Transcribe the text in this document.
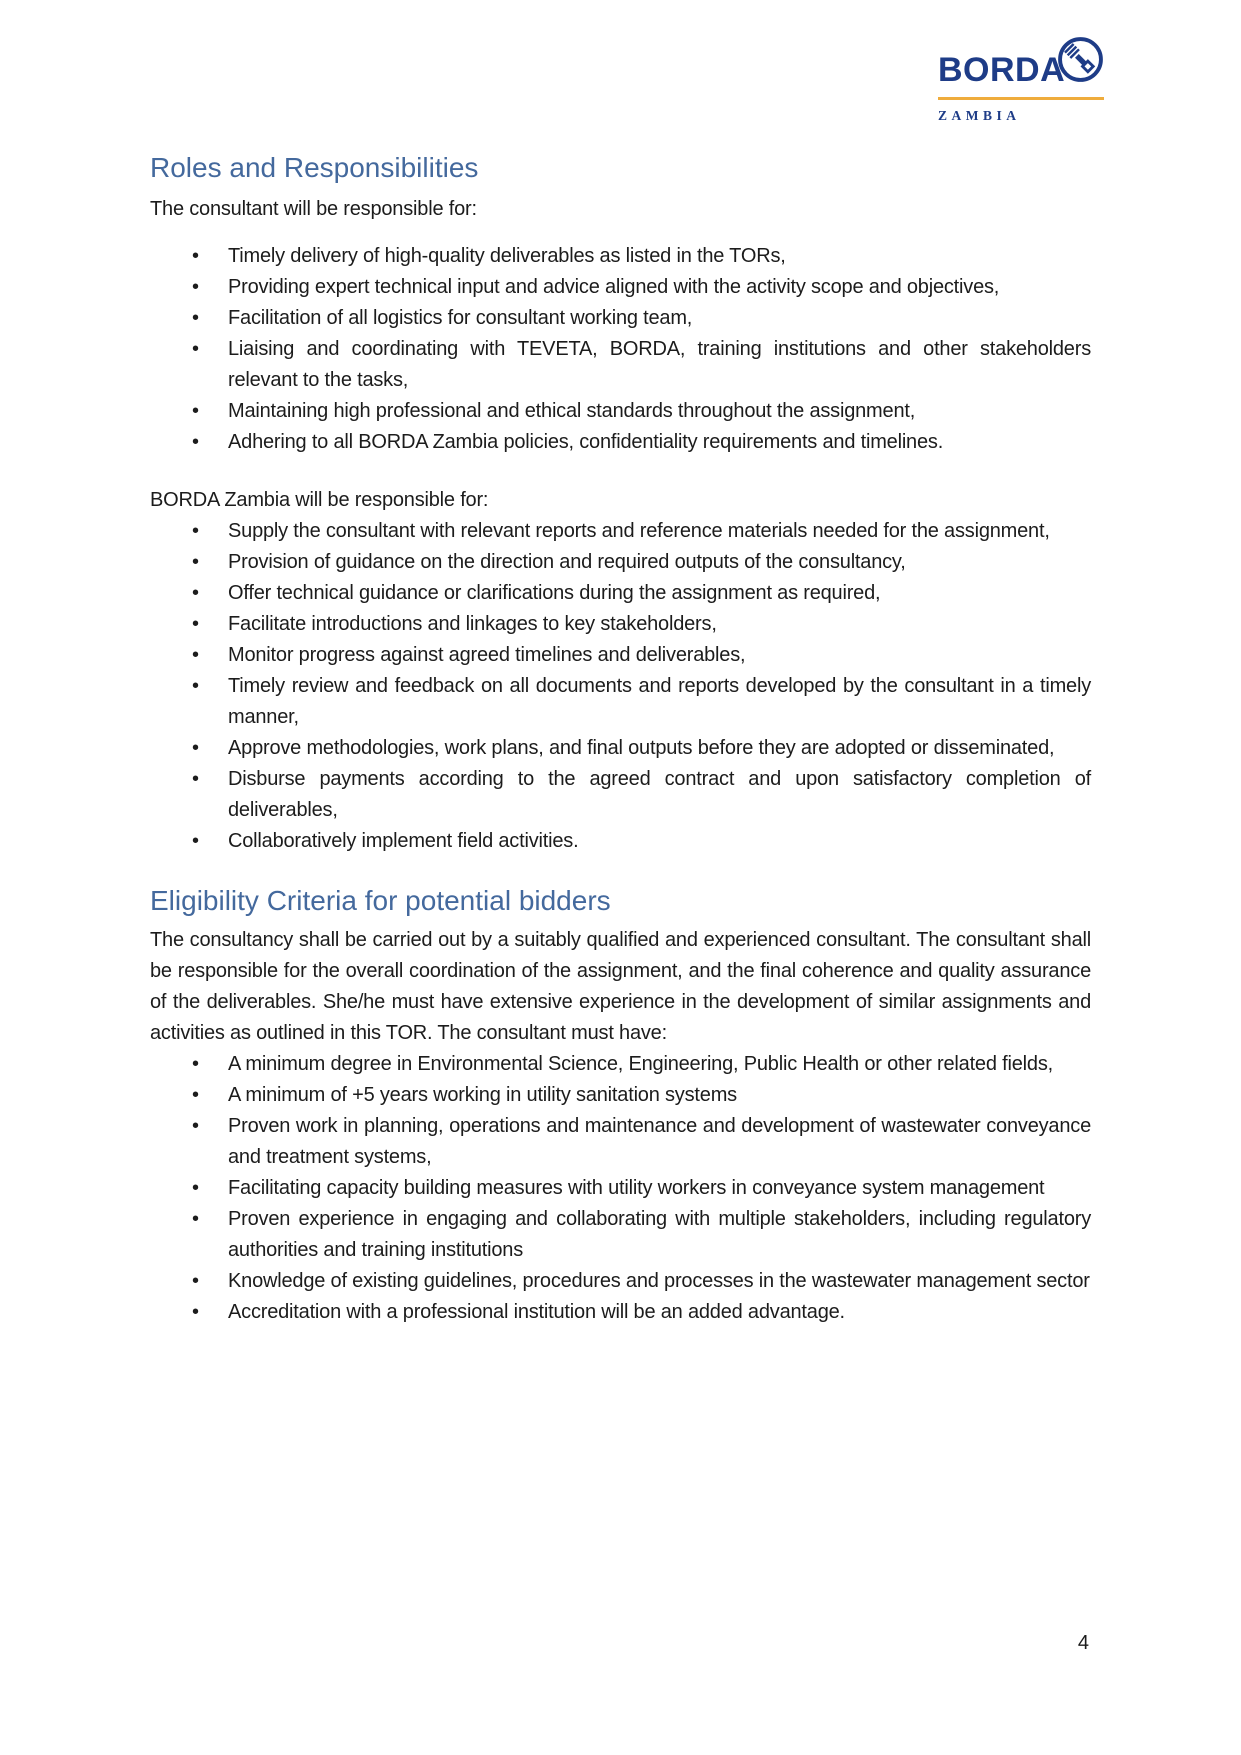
BORDA
ZAMBIA
Roles and Responsibilities

The consultant will be responsible for:

• Timely delivery of high-quality deliverables as listed in the TORs,
• Providing expert technical input and advice aligned with the activity scope and objectives,
• Facilitation of all logistics for consultant working team,
• Liaising and coordinating with TEVETA, BORDA, training institutions and other stakeholders relevant to the tasks,
• Maintaining high professional and ethical standards throughout the assignment,
• Adhering to all BORDA Zambia policies, confidentiality requirements and timelines.

BORDA Zambia will be responsible for:

• Supply the consultant with relevant reports and reference materials needed for the assignment,
• Provision of guidance on the direction and required outputs of the consultancy,
• Offer technical guidance or clarifications during the assignment as required,
• Facilitate introductions and linkages to key stakeholders,
• Monitor progress against agreed timelines and deliverables,
• Timely review and feedback on all documents and reports developed by the consultant in a timely manner,
• Approve methodologies, work plans, and final outputs before they are adopted or disseminated,
• Disburse payments according to the agreed contract and upon satisfactory completion of deliverables,
• Collaboratively implement field activities.
Eligibility Criteria for potential bidders

The consultancy shall be carried out by a suitably qualified and experienced consultant. The consultant shall be responsible for the overall coordination of the assignment, and the final coherence and quality assurance of the deliverables. She/he must have extensive experience in the development of similar assignments and activities as outlined in this TOR. The consultant must have:

• A minimum degree in Environmental Science, Engineering, Public Health or other related fields,
• A minimum of +5 years working in utility sanitation systems
• Proven work in planning, operations and maintenance and development of wastewater conveyance and treatment systems,
• Facilitating capacity building measures with utility workers in conveyance system management
• Proven experience in engaging and collaborating with multiple stakeholders, including regulatory authorities and training institutions
• Knowledge of existing guidelines, procedures and processes in the wastewater management sector
• Accreditation with a professional institution will be an added advantage.
4
